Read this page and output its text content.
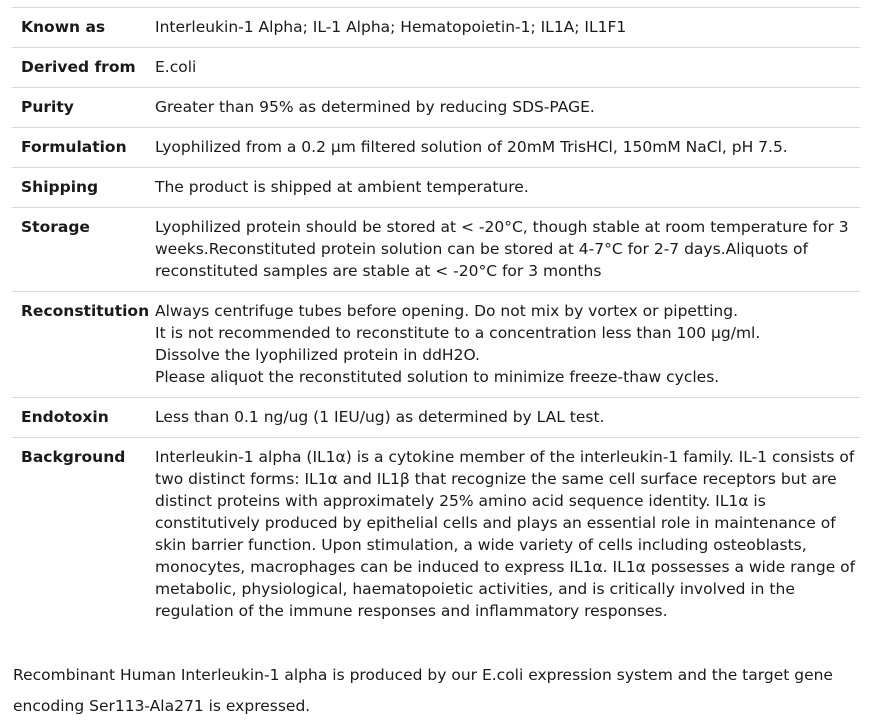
Known as	Interleukin-1 Alpha; IL-1 Alpha; Hematopoietin-1; IL1A; IL1F1

Derived from	E.coli

Purity	Greater than 95% as determined by reducing SDS-PAGE.

Formulation	Lyophilized from a 0.2 μm filtered solution of 20mM TrisHCl, 150mM NaCl, pH 7.5.

Shipping	The product is shipped at ambient temperature.

Storage	Lyophilized protein should be stored at < -20°C, though stable at room temperature for 3 weeks.Reconstituted protein solution can be stored at 4-7°C for 2-7 days.Aliquots of reconstituted samples are stable at < -20°C for 3 months

Reconstitution	Always centrifuge tubes before opening. Do not mix by vortex or pipetting.
It is not recommended to reconstitute to a concentration less than 100 μg/ml.
Dissolve the lyophilized protein in ddH2O.
Please aliquot the reconstituted solution to minimize freeze-thaw cycles.

Endotoxin	Less than 0.1 ng/ug (1 IEU/ug) as determined by LAL test.

Background	Interleukin-1 alpha (IL1α) is a cytokine member of the interleukin-1 family. IL-1 consists of two distinct forms: IL1α and IL1β that recognize the same cell surface receptors but are distinct proteins with approximately 25% amino acid sequence identity. IL1α is constitutively produced by epithelial cells and plays an essential role in maintenance of skin barrier function. Upon stimulation, a wide variety of cells including osteoblasts, monocytes, macrophages can be induced to express IL1α. IL1α possesses a wide range of metabolic, physiological, haematopoietic activities, and is critically involved in the regulation of the immune responses and inflammatory responses.

Recombinant Human Interleukin-1 alpha is produced by our E.coli expression system and the target gene encoding Ser113-Ala271 is expressed.
